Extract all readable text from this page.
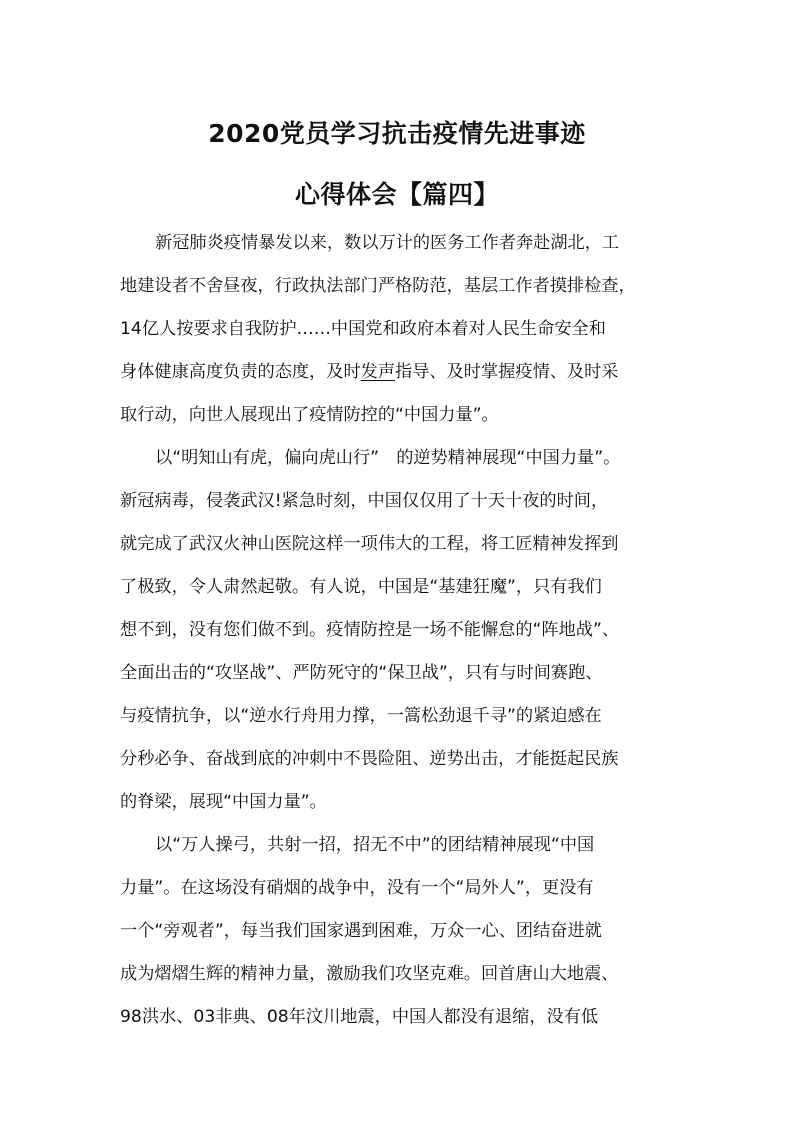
2020党员学习抗击疫情先进事迹
心得体会【篇四】
新冠肺炎疫情暴发以来，数以万计的医务工作者奔赴湖北，工
地建设者不舍昼夜，行政执法部门严格防范，基层工作者摸排检查，
14亿人按要求自我防护……中国党和政府本着对人民生命安全和
身体健康高度负责的态度，及时发声指导、及时掌握疫情、及时采
取行动，向世人展现出了疫情防控的“中国力量”。
以“明知山有虎，偏向虎山行”　的逆势精神展现“中国力量”。
新冠病毒，侵袭武汉!紧急时刻，中国仅仅用了十天十夜的时间，
就完成了武汉火神山医院这样一项伟大的工程，将工匠精神发挥到
了极致，令人肃然起敬。有人说，中国是“基建狂魔”，只有我们
想不到，没有您们做不到。疫情防控是一场不能懈怠的“阵地战”、
全面出击的“攻坚战”、严防死守的“保卫战”，只有与时间赛跑、
与疫情抗争，以“逆水行舟用力撑，一篙松劲退千寻”的紧迫感在
分秒必争、奋战到底的冲刺中不畏险阻、逆势出击，才能挺起民族
的脊梁，展现“中国力量”。
以“万人操弓，共射一招，招无不中”的团结精神展现“中国
力量”。在这场没有硝烟的战争中，没有一个“局外人”，更没有
一个“旁观者”，每当我们国家遇到困难，万众一心、团结奋进就
成为熠熠生辉的精神力量，激励我们攻坚克难。回首唐山大地震、
98洪水、03非典、08年汶川地震，中国人都没有退缩，没有低
